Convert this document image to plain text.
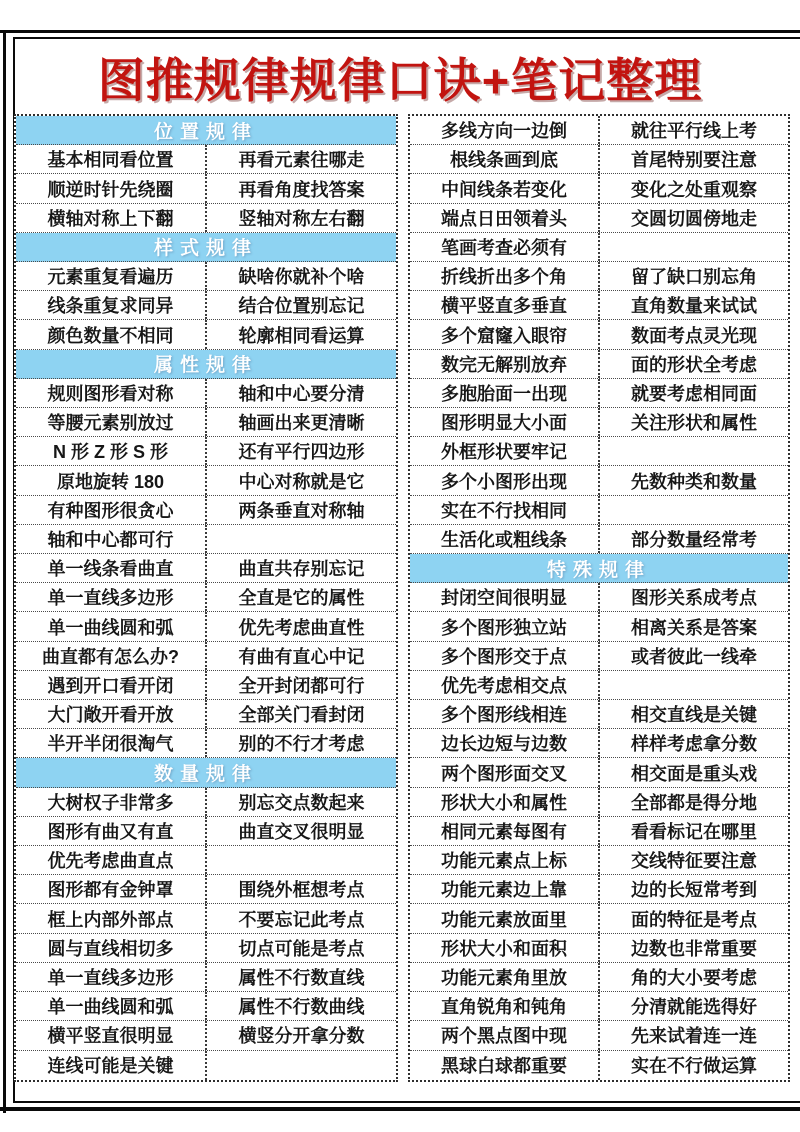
图推规律规律口诀+笔记整理
位置规律
基本相同看位置	再看元素往哪走
顺逆时针先绕圈	再看角度找答案
横轴对称上下翻	竖轴对称左右翻
样式规律
元素重复看遍历	缺啥你就补个啥
线条重复求同异	结合位置别忘记
颜色数量不相同	轮廓相同看运算
属性规律
规则图形看对称	轴和中心要分清
等腰元素别放过	轴画出来更清晰
N 形 Z 形 S 形	还有平行四边形
原地旋转 180	中心对称就是它
有种图形很贪心	两条垂直对称轴
轴和中心都可行
单一线条看曲直	曲直共存别忘记
单一直线多边形	全直是它的属性
单一曲线圆和弧	优先考虑曲直性
曲直都有怎么办?	有曲有直心中记
遇到开口看开闭	全开封闭都可行
大门敞开看开放	全部关门看封闭
半开半闭很淘气	别的不行才考虑
数量规律
大树权子非常多	别忘交点数起来
图形有曲又有直	曲直交叉很明显
优先考虑曲直点
图形都有金钟罩	围绕外框想考点
框上内部外部点	不要忘记此考点
圆与直线相切多	切点可能是考点
单一直线多边形	属性不行数直线
单一曲线圆和弧	属性不行数曲线
横平竖直很明显	横竖分开拿分数
连线可能是关键
多线方向一边倒	就往平行线上考
根线条画到底	首尾特别要注意
中间线条若变化	变化之处重观察
端点日田领着头	交圆切圆傍地走
笔画考查必须有
折线折出多个角	留了缺口别忘角
横平竖直多垂直	直角数量来试试
多个窟窿入眼帘	数面考点灵光现
数完无解别放弃	面的形状全考虑
多胞胎面一出现	就要考虑相同面
图形明显大小面	关注形状和属性
外框形状要牢记
多个小图形出现	先数种类和数量
实在不行找相同
生活化或粗线条	部分数量经常考
特殊规律
封闭空间很明显	图形关系成考点
多个图形独立站	相离关系是答案
多个图形交于点	或者彼此一线牵
优先考虑相交点
多个图形线相连	相交直线是关键
边长边短与边数	样样考虑拿分数
两个图形面交叉	相交面是重头戏
形状大小和属性	全部都是得分地
相同元素每图有	看看标记在哪里
功能元素点上标	交线特征要注意
功能元素边上靠	边的长短常考到
功能元素放面里	面的特征是考点
形状大小和面积	边数也非常重要
功能元素角里放	角的大小要考虑
直角锐角和钝角	分清就能选得好
两个黑点图中现	先来试着连一连
黑球白球都重要	实在不行做运算
